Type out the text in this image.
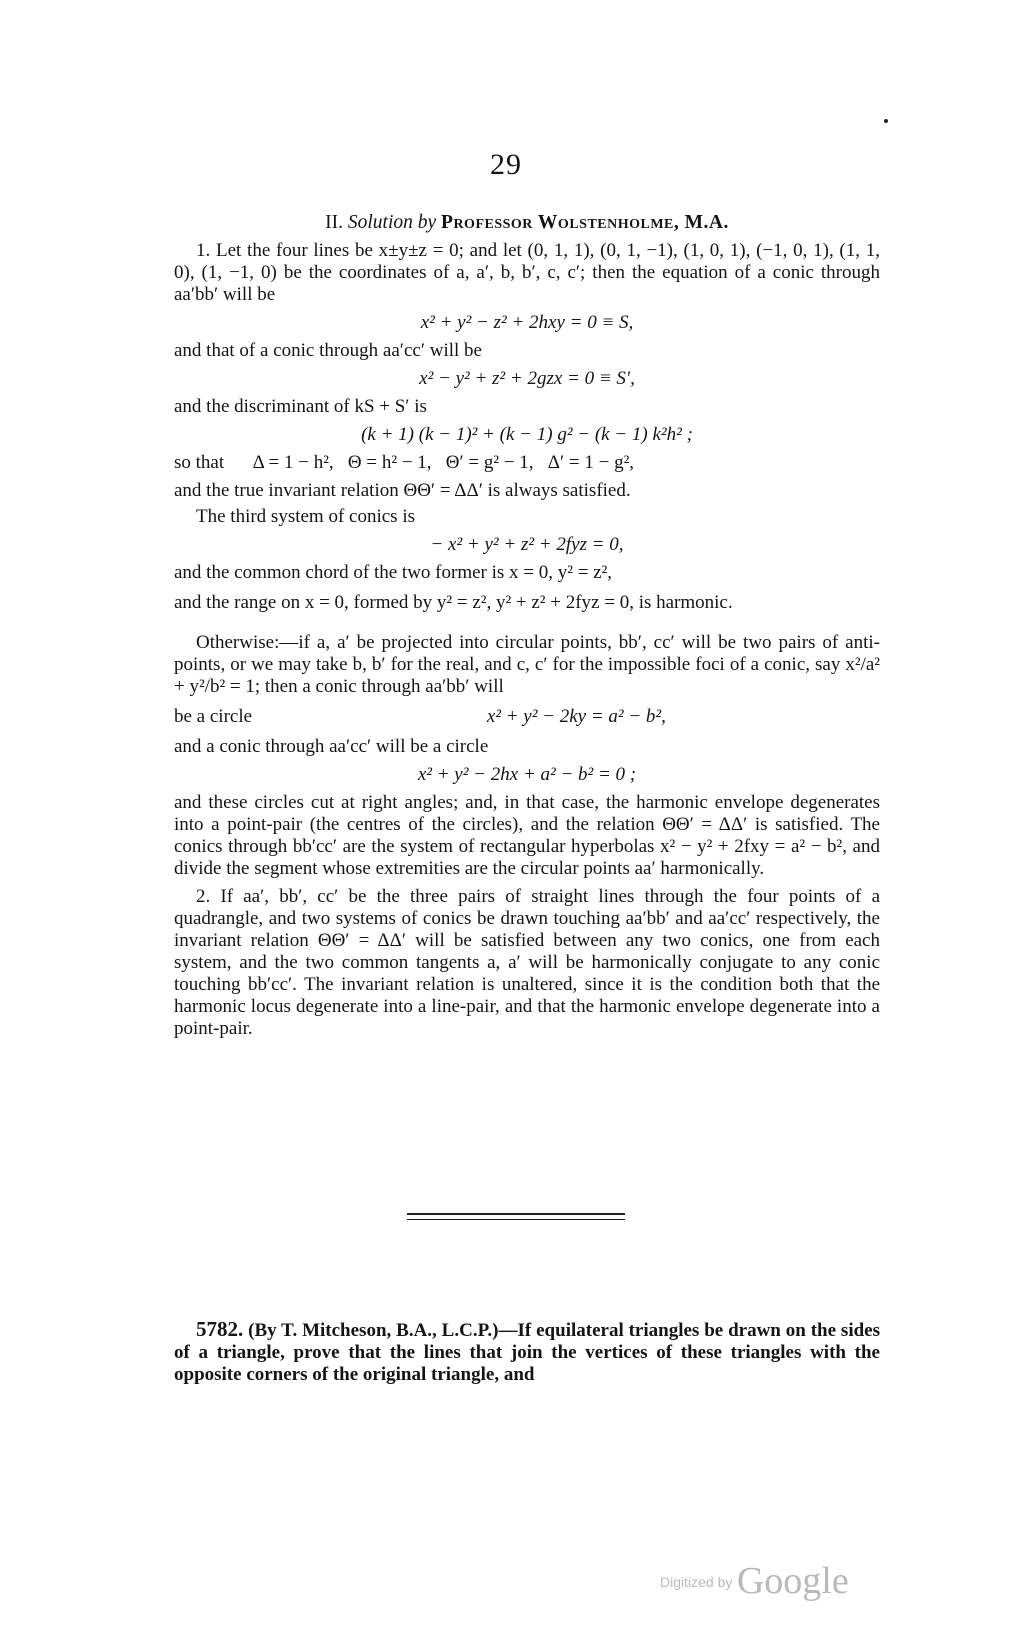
29
II. Solution by Professor Wolstenholme, M.A.

1. Let the four lines be x±y±z = 0; and let (0, 1, 1), (0, 1, −1), (1, 0, 1), (−1, 0, 1), (1, 1, 0), (1, −1, 0) be the coordinates of a, a′, b, b′, c, c′; then the equation of a conic through aa′bb′ will be

x² + y² − z² + 2hxy = 0 ≡ S,

and that of a conic through aa′cc′ will be

x² − y² + z² + 2gzx = 0 ≡ S′,

and the discriminant of kS + S′ is

(k + 1) (k − 1)² + (k − 1) g² − (k − 1) k²h² ;

so that      Δ = 1 − h²,   Θ = h² − 1,   Θ′ = g² − 1,   Δ′ = 1 − g²,

and the true invariant relation ΘΘ′ = ΔΔ′ is always satisfied.

The third system of conics is

− x² + y² + z² + 2fyz = 0,

and the common chord of the two former is x = 0, y² = z²,

and the range on x = 0, formed by y² = z², y² + z² + 2fyz = 0, is harmonic.

Otherwise:—if a, a′ be projected into circular points, bb′, cc′ will be two pairs of anti-points, or we may take b, b′ for the real, and c, c′ for the impossible foci of a conic, say x²/a² + y²/b² = 1; then a conic through aa′bb′ will

be a circle	x² + y² − 2ky = a² − b²,

and a conic through aa′cc′ will be a circle

x² + y² − 2hx + a² − b² = 0 ;

and these circles cut at right angles; and, in that case, the harmonic envelope degenerates into a point-pair (the centres of the circles), and the relation ΘΘ′ = ΔΔ′ is satisfied. The conics through bb′cc′ are the system of rectangular hyperbolas x² − y² + 2fxy = a² − b², and divide the segment whose extremities are the circular points aa′ harmonically.

2. If aa′, bb′, cc′ be the three pairs of straight lines through the four points of a quadrangle, and two systems of conics be drawn touching aa′bb′ and aa′cc′ respectively, the invariant relation ΘΘ′ = ΔΔ′ will be satisfied between any two conics, one from each system, and the two common tangents a, a′ will be harmonically conjugate to any conic touching bb′cc′. The invariant relation is unaltered, since it is the condition both that the harmonic locus degenerate into a line-pair, and that the harmonic envelope degenerate into a point-pair.

5782. (By T. Mitcheson, B.A., L.C.P.)—If equilateral triangles be drawn on the sides of a triangle, prove that the lines that join the vertices of these triangles with the opposite corners of the original triangle, and

Digitized by Google
